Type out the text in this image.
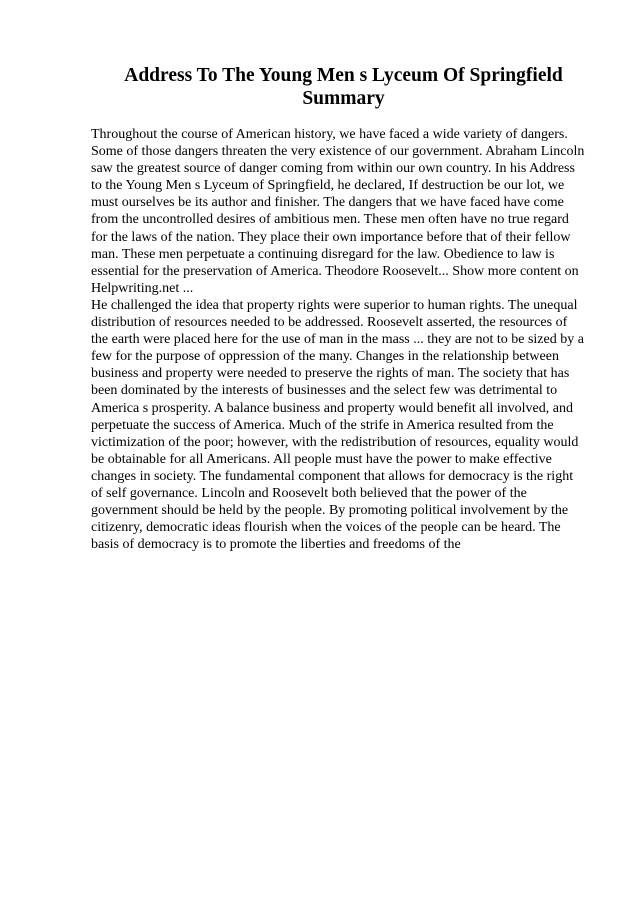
Address To The Young Men s Lyceum Of Springfield
Summary

Throughout the course of American history, we have faced a wide variety of dangers. Some of those dangers threaten the very existence of our government. Abraham Lincoln saw the greatest source of danger coming from within our own country. In his Address to the Young Men s Lyceum of Springfield, he declared, If destruction be our lot, we must ourselves be its author and finisher. The dangers that we have faced have come from the uncontrolled desires of ambitious men. These men often have no true regard for the laws of the nation. They place their own importance before that of their fellow man. These men perpetuate a continuing disregard for the law. Obedience to law is essential for the preservation of America. Theodore Roosevelt... Show more content on Helpwriting.net ...

He challenged the idea that property rights were superior to human rights. The unequal distribution of resources needed to be addressed. Roosevelt asserted, the resources of the earth were placed here for the use of man in the mass ... they are not to be sized by a few for the purpose of oppression of the many. Changes in the relationship between business and property were needed to preserve the rights of man. The society that has been dominated by the interests of businesses and the select few was detrimental to America s prosperity. A balance business and property would benefit all involved, and perpetuate the success of America. Much of the strife in America resulted from the victimization of the poor; however, with the redistribution of resources, equality would be obtainable for all Americans. All people must have the power to make effective changes in society. The fundamental component that allows for democracy is the right of self governance. Lincoln and Roosevelt both believed that the power of the government should be held by the people. By promoting political involvement by the citizenry, democratic ideas flourish when the voices of the people can be heard. The basis of democracy is to promote the liberties and freedoms of the
